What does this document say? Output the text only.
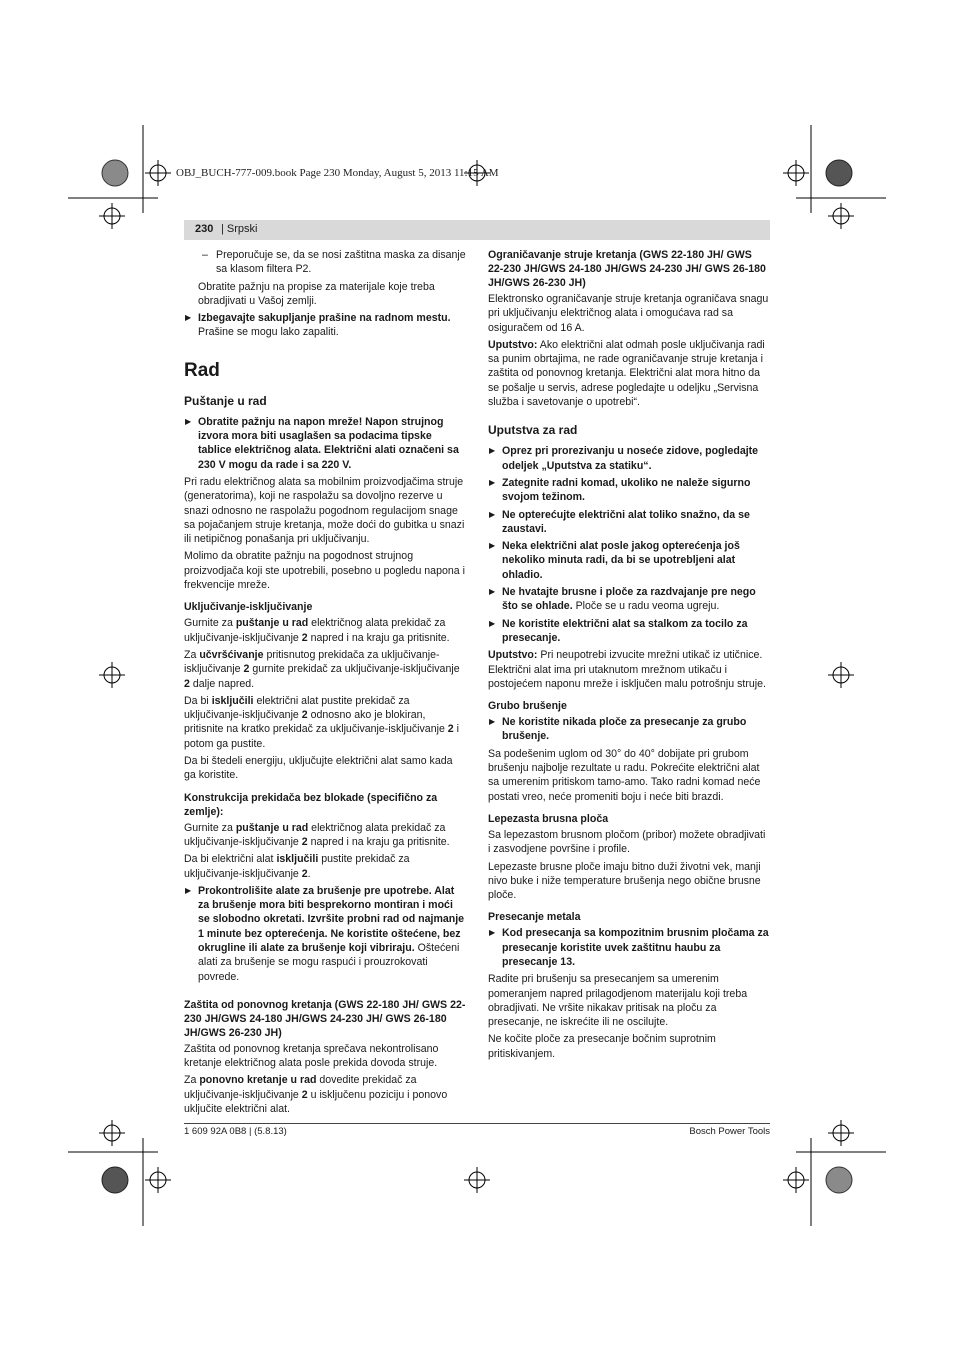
OBJ_BUCH-777-009.book Page 230 Monday, August 5, 2013 11:15 AM
230 | Srpski
– Preporučuje se, da se nosi zaštitna maska za disanje sa klasom filtera P2.

Obratite pažnju na propise za materijale koje treba obradjivati u Vašoj zemlji.

▶ Izbegavajte sakupljanje prašine na radnom mestu.
Prašine se mogu lako zapaliti.
Rad
Puštanje u rad
▶ Obratite pažnju na napon mreže! Napon strujnog izvora mora biti usaglašen sa podacima tipske tablice električnog alata. Električni alati označeni sa 230 V mogu da rade i sa 220 V.

Pri radu električnog alata sa mobilnim proizvodjačima struje (generatorima), koji ne raspolažu sa dovoljno rezerve u snazi odnosno ne raspolažu pogodnom regulacijom snage sa pojačanjem struje kretanja, može doći do gubitka u snazi ili netipičnog ponašanja pri uključivanju.

Molimo da obratite pažnju na pogodnost strujnog proizvodjača koji ste upotrebili, posebno u pogledu napona i frekvencije mreže.

Uključivanje-isključivanje

Gurnite za puštanje u rad električnog alata prekidač za uključivanje-isključivanje 2 napred i na kraju ga pritisnite.

Za učvršćivanje pritisnutog prekidača za uključivanje-isključivanje 2 gurnite prekidač za uključivanje-isključivanje 2 dalje napred.

Da bi isključili električni alat pustite prekidač za uključivanje-isključivanje 2 odnosno ako je blokiran, pritisnite na kratko prekidač za uključivanje-isključivanje 2 i potom ga pustite.

Da bi štedeli energiju, uključujte električni alat samo kada ga koristite.

Konstrukcija prekidača bez blokade (specifično za zemlje):

Gurnite za puštanje u rad električnog alata prekidač za uključivanje-isključivanje 2 napred i na kraju ga pritisnite.

Da bi električni alat isključili pustite prekidač za uključivanje-isključivanje 2.

▶ Prokontrolišite alate za brušenje pre upotrebe. Alat za brušenje mora biti besprekorno montiran i moći se slobodno okretati. Izvršite probni rad od najmanje 1 minute bez opterećenja. Ne koristite oštećene, bez okrugline ili alate za brušenje koji vibriraju. Oštećeni alati za brušenje se mogu raspući i prouzrokovati povrede.
Zaštita od ponovnog kretanja (GWS 22-180 JH/ GWS 22-230 JH/GWS 24-180 JH/GWS 24-230 JH/ GWS 26-180 JH/GWS 26-230 JH)

Zaštita od ponovnog kretanja sprečava nekontrolisano kretanje električnog alata posle prekida dovoda struje.

Za ponovno kretanje u rad dovedite prekidač za uključivanje-isključivanje 2 u isključenu poziciju i ponovo uključite električni alat.

Ograničavanje struje kretanja (GWS 22-180 JH/ GWS 22-230 JH/GWS 24-180 JH/GWS 24-230 JH/ GWS 26-180 JH/GWS 26-230 JH)

Elektronsko ograničavanje struje kretanja ograničava snagu pri uključivanju električnog alata i omogućava rad sa osiguračem od 16 A.

Uputstvo: Ako električni alat odmah posle uključivanja radi sa punim obrtajima, ne rade ograničavanje struje kretanja i zaštita od ponovnog kretanja. Električni alat mora hitno da se pošalje u servis, adrese pogledajte u odeljku „Servisna služba i savetovanje o upotrebi“.

Uputstva za rad
▶ Oprez pri prorezivanju u noseće zidove, pogledajte odeljek „Uputstva za statiku“.
▶ Zategnite radni komad, ukoliko ne naleže sigurno svojom težinom.
▶ Ne opterećujte električni alat toliko snažno, da se zaustavi.
▶ Neka električni alat posle jakog opterećenja još nekoliko minuta radi, da bi se upotrebljeni alat ohladio.
▶ Ne hvatajte brusne i ploče za razdvajanje pre nego što se ohlade. Ploče se u radu veoma ugreju.
▶ Ne koristite električni alat sa stalkom za tocilo za presecanje.

Uputstvo: Pri neupotrebi izvucite mrežni utikač iz utičnice. Električni alat ima pri utaknutom mrežnom utikaču i postojećem naponu mreže i isključen malu potrošnju struje.

Grubo brušenje
▶ Ne koristite nikada ploče za presecanje za grubo brušenje.

Sa podešenim uglom od 30° do 40° dobijate pri grubom brušenju najbolje rezultate u radu. Pokrećite električni alat sa umerenim pritiskom tamo-amo. Tako radni komad neće postati vreo, neće promeniti boju i neće biti brazdi.

Lepezasta brusna ploča

Sa lepezastom brusnom pločom (pribor) možete obradjivati i zasvodjene površine i profile.

Lepezaste brusne ploče imaju bitno duži životni vek, manji nivo buke i niže temperature brušenja nego obične brusne ploče.

Presecanje metala
▶ Kod presecanja sa kompozitnim brusnim pločama za presecanje koristite uvek zaštitnu haubu za presecanje 13.

Radite pri brušenju sa presecanjem sa umerenim pomeranjem napred prilagodjenom materijalu koji treba obradjivati. Ne vršite nikakav pritisak na ploču za presecanje, ne iskrećite ili ne oscilujte.

Ne kočite ploče za presecanje bočnim suprotnim pritiskivanjem.

1 609 92A 0B8 | (5.8.13)	Bosch Power Tools
